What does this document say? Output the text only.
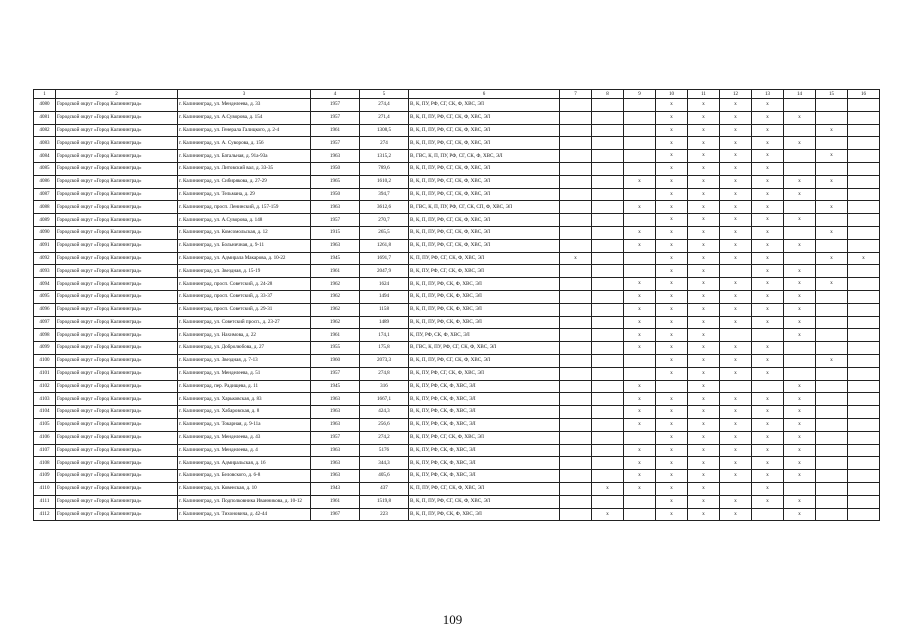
1	2	3	4	5	6	7	8	9	10	11	12	13	14	15	16
4080	Городской округ «Город Калининград»	г. Калининград, ул. Менделеева, д. 33	1957	274,4	В, К, ПУ, РФ, СГ, СК, Ф, ХВС, ЭЛ				x	x	x	x			
4081	Городской округ «Город Калининград»	г. Калининград, ул. А.Суворова, д. 154	1957	271,4	В, К, П, ПУ, РФ, СГ, СК, Ф, ХВС, ЭЛ				x	x	x	x	x		
4082	Городской округ «Город Калининград»	г. Калининград, ул. Генерала Галицкого, д. 2-4	1961	1308,5	В, К, П, ПУ, РФ, СГ, СК, Ф, ХВС, ЭЛ				x	x	x	x		x	
4083	Городской округ «Город Калининград»	г. Калининград, ул. А. Суворова, д. 156	1957	274	В, К, П, ПУ, РФ, СГ, СК, Ф, ХВС, ЭЛ				x	x	x	x	x		
4084	Городской округ «Город Калининград»	г. Калининград, ул. Батальная, д. 91а-93а	1963	1315,2	В, ГВС, К, П, ПУ, РФ, СГ, СК, Ф, ХВС, ЭЛ				x	x	x	x		x	
4085	Городской округ «Город Калининград»	г. Калининград, ул. Литовский вал, д. 33-35	1950	789,6	В, К, П, ПУ, РФ, СГ, СК, Ф, ХВС, ЭЛ				x	x	x	x			
4086	Городской округ «Город Калининград»	г. Калининград, ул. Сибирякова, д. 27-29	1965	1610,2	В, К, П, ПУ, РФ, СГ, СК, Ф, ХВС, ЭЛ			x	x	x	x	x	x	x	
4087	Городской округ «Город Калининград»	г. Калининград, ул. Тельмана, д. 29	1950	394,7	В, К, П, ПУ, РФ, СГ, СК, Ф, ХВС, ЭЛ				x	x	x	x	x		
4088	Городской округ «Город Калининград»	г. Калининград, просп. Ленинский, д. 157-159	1963	3612,6	В, ГВС, К, П, ПУ, РФ, СГ, СК, СП, Ф, ХВС, ЭЛ			x	x	x	x	x		x	
4089	Городской округ «Город Калининград»	г. Калининград, ул. А.Суворова, д. 148	1957	270,7	В, К, П, ПУ, РФ, СГ, СК, Ф, ХВС, ЭЛ				x	x	x	x	x		
4090	Городской округ «Город Калининград»	г. Калининград, ул. Комсомольская, д. 12	1915	265,5	В, К, П, ПУ, РФ, СГ, СК, Ф, ХВС, ЭЛ			x	x	x	x	x		x	
4091	Городской округ «Город Калининград»	г. Калининград, ул. Больничная, д. 9-11	1963	1261,8	В, К, П, ПУ, РФ, СГ, СК, Ф, ХВС, ЭЛ			x	x	x	x	x	x		
4092	Городской округ «Город Калининград»	г. Калининград, ул. Адмирала Макарова, д. 10-22	1945	1691,7	К, П, ПУ, РФ, СГ, СК, Ф, ХВС, ЭЛ	x			x	x	x	x		x	x
4093	Городской округ «Город Калининград»	г. Калининград, ул. Звездная, д. 15-19	1961	2047,9	В, К, ПУ, РФ, СГ, СК, Ф, ХВС, ЭЛ				x	x		x	x		
4094	Городской округ «Город Калининград»	г. Калининград, просп. Советский, д. 24-28	1962	1624	В, К, П, ПУ, РФ, СК, Ф, ХВС, ЭЛ			x	x	x	x	x	x	x	
4095	Городской округ «Город Калининград»	г. Калининград, просп. Советский, д. 33-37	1962	1494	В, К, П, ПУ, РФ, СК, Ф, ХВС, ЭЛ			x	x	x	x	x	x		
4096	Городской округ «Город Калининград»	г. Калининград, просп. Советский, д. 29-31	1962	1158	В, К, П, ПУ, РФ, СК, Ф, ХВС, ЭЛ			x	x	x	x	x	x		
4097	Городской округ «Город Калининград»	г. Калининград, ул. Советский просп., д. 23-27	1962	1489	В, К, П, ПУ, РФ, СК, Ф, ХВС, ЭЛ			x	x	x	x	x	x		
4098	Городской округ «Город Калининград»	г. Калининград, ул. Нахимова, д. 22	1961	174,1	К, ПУ, РФ, СК, Ф, ХВС, ЭЛ			x	x	x			x		
4099	Городской округ «Город Калининград»	г. Калининград, ул. Добролюбова, д. 27	1955	175,8	В, ГВС, К, ПУ, РФ, СГ, СК, Ф, ХВС, ЭЛ			x	x	x	x	x			
4100	Городской округ «Город Калининград»	г. Калининград, ул. Звездная, д. 7-13	1960	2073,3	В, К, П, ПУ, РФ, СГ, СК, Ф, ХВС, ЭЛ				x	x	x	x		x	
4101	Городской округ «Город Калининград»	г. Калининград, ул. Менделеева, д. 51	1957	274,8	В, К, ПУ, РФ, СГ, СК, Ф, ХВС, ЭЛ				x	x	x	x			
4102	Городской округ «Город Калининград»	г. Калининград, пер. Радищева, д. 11	1945	316	В, К, ПУ, РФ, СК, Ф, ХВС, ЭЛ			x		x			x		
4103	Городской округ «Город Калининград»	г. Калининград, ул. Харьковская, д. 83	1963	1667,1	В, К, ПУ, РФ, СК, Ф, ХВС, ЭЛ			x	x	x	x	x	x		
4104	Городской округ «Город Калининград»	г. Калининград, ул. Хабаровская, д. 8	1963	424,3	В, К, ПУ, РФ, СК, Ф, ХВС, ЭЛ			x	x	x	x	x	x		
4105	Городской округ «Город Калининград»	г. Калининград, ул. Токарная, д. 9-11а	1963	256,6	В, К, ПУ, РФ, СК, Ф, ХВС, ЭЛ			x	x	x	x	x	x		
4106	Городской округ «Город Калининград»	г. Калининград, ул. Менделеева, д. 43	1957	274,2	В, К, ПУ, РФ, СГ, СК, Ф, ХВС, ЭЛ				x	x	x	x	x		
4107	Городской округ «Город Калининград»	г. Калининград, ул. Менделеева, д. 4	1963	5176	В, К, ПУ, РФ, СК, Ф, ХВС, ЭЛ			x	x	x	x	x	x		
4108	Городской округ «Город Калининград»	г. Калининград, ул. Адмиральская, д. 16	1963	344,3	В, К, ПУ, РФ, СК, Ф, ХВС, ЭЛ			x	x	x	x	x	x		
4109	Городской округ «Город Калининград»	г. Калининград, ул. Беловского, д. 6-8	1963	405,6	В, К, ПУ, РФ, СК, Ф, ХВС, ЭЛ			x	x	x	x	x	x		
4110	Городской округ «Город Калининград»	г. Калининград, ул. Ковенская, д. 10	1943	437	К, П, ПУ, РФ, СГ, СК, Ф, ХВС, ЭЛ		x	x	x	x		x			
4111	Городской округ «Город Калининград»	г. Калининград, ул. Подполковника Иванникова, д. 10-12	1961	1519,8	В, К, П, ПУ, РФ, СГ, СК, Ф, ХВС, ЭЛ				x	x	x	x	x		
4112	Городской округ «Город Калининград»	г. Калининград, ул. Тихоновича, д. 42-44	1967	223	В, К, П, ПУ, РФ, СК, Ф, ХВС, ЭЛ		x		x	x	x		x		
109
